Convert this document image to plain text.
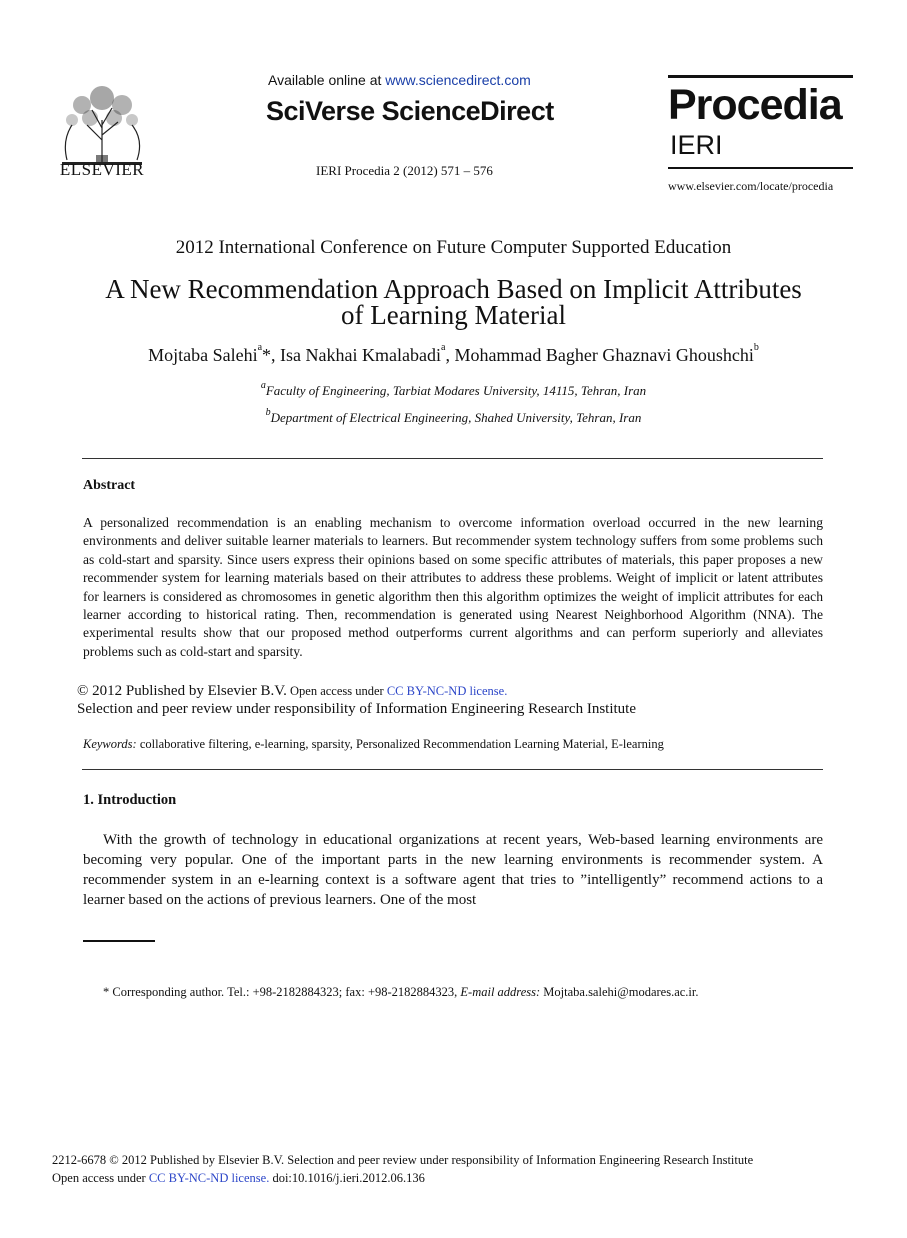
ELSEVIER
Available online at www.sciencedirect.com
SciVerse ScienceDirect
IERI Procedia 2 (2012) 571 – 576
Procedia
IERI
www.elsevier.com/locate/procedia
2012 International Conference on Future Computer Supported Education
A New Recommendation Approach Based on Implicit Attributes
of Learning Material
Mojtaba Salehi$^a$*, Isa Nakhai Kmalabadi$^a$, Mohammad Bagher Ghaznavi Ghoushchi$^b$
$^a$Faculty of Engineering, Tarbiat Modares University, 14115, Tehran, Iran
$^b$Department of Electrical Engineering, Shahed University, Tehran, Iran
Abstract
A personalized recommendation is an enabling mechanism to overcome information overload occurred in the new learning environments and deliver suitable learner materials to learners. But recommender system technology suffers from some problems such as cold-start and sparsity. Since users express their opinions based on some specific attributes of materials, this paper proposes a new recommender system for learning materials based on their attributes to address these problems. Weight of implicit or latent attributes for learners is considered as chromosomes in genetic algorithm then this algorithm optimizes the weight of implicit attributes for each learner according to historical rating. Then, recommendation is generated using Nearest Neighborhood Algorithm (NNA). The experimental results show that our proposed method outperforms current algorithms and can perform superiorly and alleviates problems such as cold-start and sparsity.
© 2012 Published by Elsevier B.V. Open access under CC BY-NC-ND license.
Selection and peer review under responsibility of Information Engineering Research Institute
Keywords: collaborative filtering, e-learning, sparsity, Personalized Recommendation Learning Material, E-learning
1. Introduction
With the growth of technology in educational organizations at recent years, Web-based learning environments are becoming very popular. One of the important parts in the new learning environments is recommender system. A recommender system in an e-learning context is a software agent that tries to ”intelligently” recommend actions to a learner based on the actions of previous learners. One of the most
* Corresponding author. Tel.: +98-2182884323; fax: +98-2182884323, E-mail address: Mojtaba.salehi@modares.ac.ir.
2212-6678 © 2012 Published by Elsevier B.V. Selection and peer review under responsibility of Information Engineering Research Institute
Open access under CC BY-NC-ND license. doi:10.1016/j.ieri.2012.06.136
